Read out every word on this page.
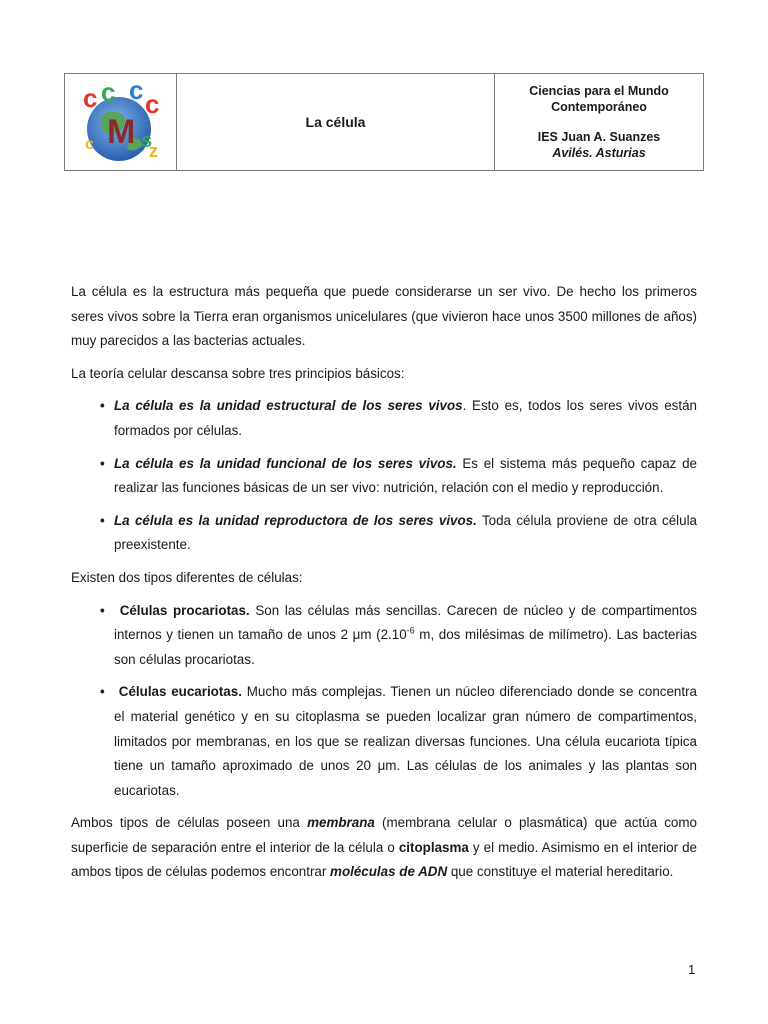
c c c c
M s
z
c
La célula
Ciencias para el Mundo
Contemporáneo
IES Juan A. Suanzes
Avilés. Asturias

La célula es la estructura más pequeña que puede considerarse un ser vivo. De hecho los primeros seres vivos sobre la Tierra eran organismos unicelulares (que vivieron hace unos 3500 millones de años) muy parecidos a las bacterias actuales.

La teoría celular descansa sobre tres principios básicos:

• La célula es la unidad estructural de los seres vivos. Esto es, todos los seres vivos están formados por células.
• La célula es la unidad funcional de los seres vivos. Es el sistema más pequeño capaz de realizar las funciones básicas de un ser vivo: nutrición, relación con el medio y reproducción.
• La célula es la unidad reproductora de los seres vivos. Toda célula proviene de otra célula preexistente.

Existen dos tipos diferentes de células:

• Células procariotas. Son las células más sencillas. Carecen de núcleo y de compartimentos internos y tienen un tamaño de unos 2 μm ($2.10^{-6}$ m, dos milésimas de milímetro). Las bacterias son células procariotas.
• Células eucariotas. Mucho más complejas. Tienen un núcleo diferenciado donde se concentra el material genético y en su citoplasma se pueden localizar gran número de compartimentos, limitados por membranas, en los que se realizan diversas funciones. Una célula eucariota típica tiene un tamaño aproximado de unos 20 μm. Las células de los animales y las plantas son eucariotas.

Ambos tipos de células poseen una membrana (membrana celular o plasmática) que actúa como superficie de separación entre el interior de la célula o citoplasma y el medio. Asimismo en el interior de ambos tipos de células podemos encontrar moléculas de ADN que constituye el material hereditario.

1
